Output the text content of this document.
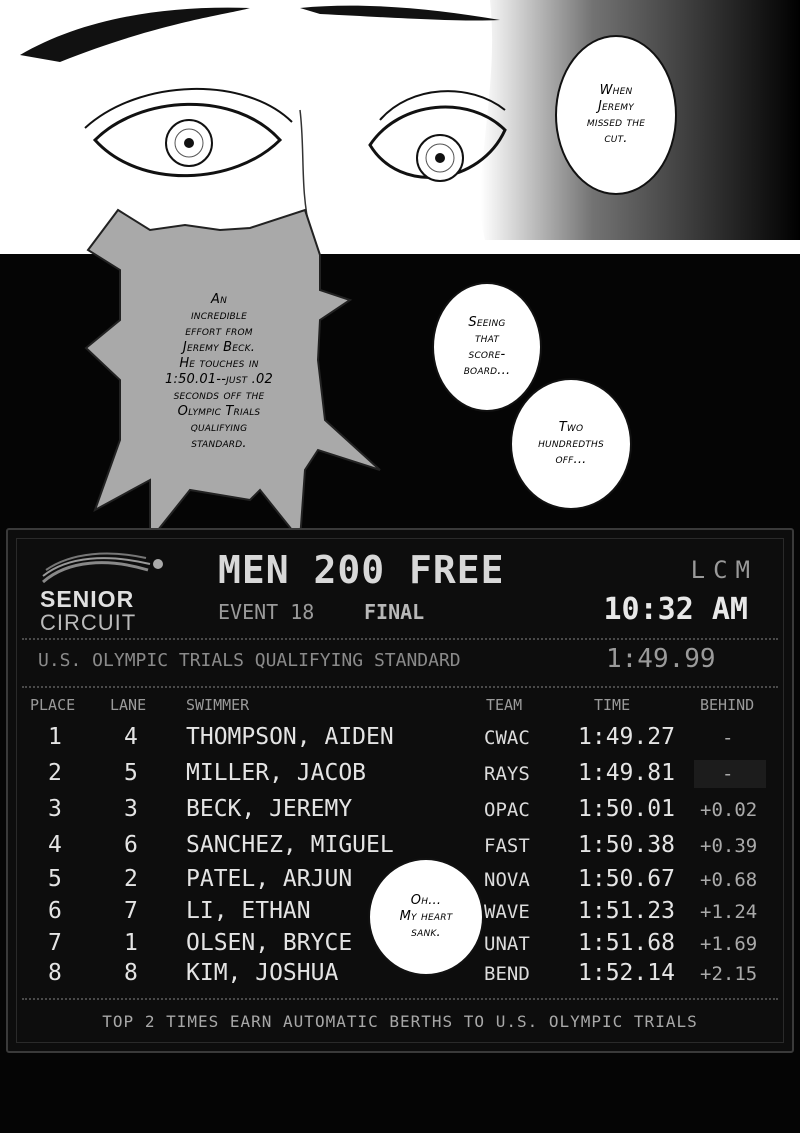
When
Jeremy
missed the
cut.
An
incredible
effort from
Jeremy Beck.
He touches in
1:50.01--just .02
seconds off the
Olympic Trials
qualifying
standard.
Seeing
that
score-
board...
Two
hundredths
off...
SENIOR
CIRCUIT
MEN 200 FREE	LCM
EVENT 18 FINAL	10:32 AM
U.S. OLYMPIC TRIALS QUALIFYING STANDARD	1:49.99
PLACE LANE	SWIMMER	TEAM	TIME	BEHIND
1	4 THOMPSON, AIDEN	CWAC 1:49.27 -
2	5 MILLER, JACOB	RAYS 1:49.81 -
3	3 BECK, JEREMY	OPAC 1:50.01 +0.02
4	6 SANCHEZ, MIGUEL	FAST 1:50.38 +0.39
5	2 PATEL, ARJUN	NOVA 1:50.67 +0.68
6	7 LI, ETHAN	WAVE 1:51.23 +1.24
7	1 OLSEN, BRYCE	UNAT 1:51.68 +1.69
8	8 KIM, JOSHUA	BEND 1:52.14 +2.15
TOP 2 TIMES EARN AUTOMATIC BERTHS TO U.S. OLYMPIC TRIALS
Oh...
My heart
sank.
